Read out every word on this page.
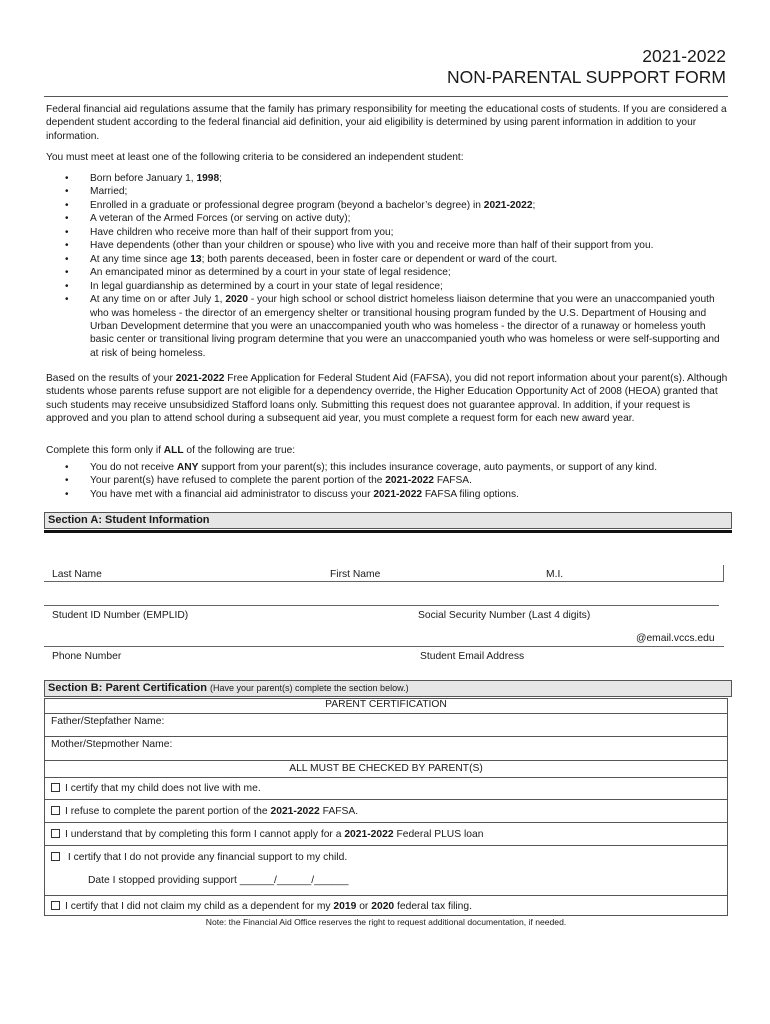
2021-2022
NON-PARENTAL SUPPORT FORM
Federal financial aid regulations assume that the family has primary responsibility for meeting the educational costs of students. If you are considered a dependent student according to the federal financial aid definition, your aid eligibility is determined by using parent information in addition to your information.
You must meet at least one of the following criteria to be considered an independent student:
• Born before January 1, 1998;
• Married;
• Enrolled in a graduate or professional degree program (beyond a bachelor’s degree) in 2021-2022;
• A veteran of the Armed Forces (or serving on active duty);
• Have children who receive more than half of their support from you;
• Have dependents (other than your children or spouse) who live with you and receive more than half of their support from you.
• At any time since age 13; both parents deceased, been in foster care or dependent or ward of the court.
• An emancipated minor as determined by a court in your state of legal residence;
• In legal guardianship as determined by a court in your state of legal residence;
• At any time on or after July 1, 2020 - your high school or school district homeless liaison determine that you were an unaccompanied youth who was homeless - the director of an emergency shelter or transitional housing program funded by the U.S. Department of Housing and Urban Development determine that you were an unaccompanied youth who was homeless - the director of a runaway or homeless youth basic center or transitional living program determine that you were an unaccompanied youth who was homeless or were self-supporting and at risk of being homeless.
Based on the results of your 2021-2022 Free Application for Federal Student Aid (FAFSA), you did not report information about your parent(s). Although students whose parents refuse support are not eligible for a dependency override, the Higher Education Opportunity Act of 2008 (HEOA) granted that such students may receive unsubsidized Stafford loans only. Submitting this request does not guarantee approval. In addition, if your request is approved and you plan to attend school during a subsequent aid year, you must complete a request form for each new award year.
Complete this form only if ALL of the following are true:
• You do not receive ANY support from your parent(s); this includes insurance coverage, auto payments, or support of any kind.
• Your parent(s) have refused to complete the parent portion of the 2021-2022 FAFSA.
• You have met with a financial aid administrator to discuss your 2021-2022 FAFSA filing options.
Section A: Student Information
Last Name	First Name	M.I.
Student ID Number (EMPLID)	Social Security Number (Last 4 digits)
@email.vccs.edu
Phone Number	Student Email Address
Section B: Parent Certification (Have your parent(s) complete the section below.)
PARENT CERTIFICATION
Father/Stepfather Name:
Mother/Stepmother Name:
ALL MUST BE CHECKED BY PARENT(S)
I certify that my child does not live with me.
I refuse to complete the parent portion of the 2021-2022 FAFSA.
I understand that by completing this form I cannot apply for a 2021-2022 Federal PLUS loan
I certify that I do not provide any financial support to my child.
Date I stopped providing support ______/______/______
I certify that I did not claim my child as a dependent for my 2019 or 2020 federal tax filing.
Note: the Financial Aid Office reserves the right to request additional documentation, if needed.
